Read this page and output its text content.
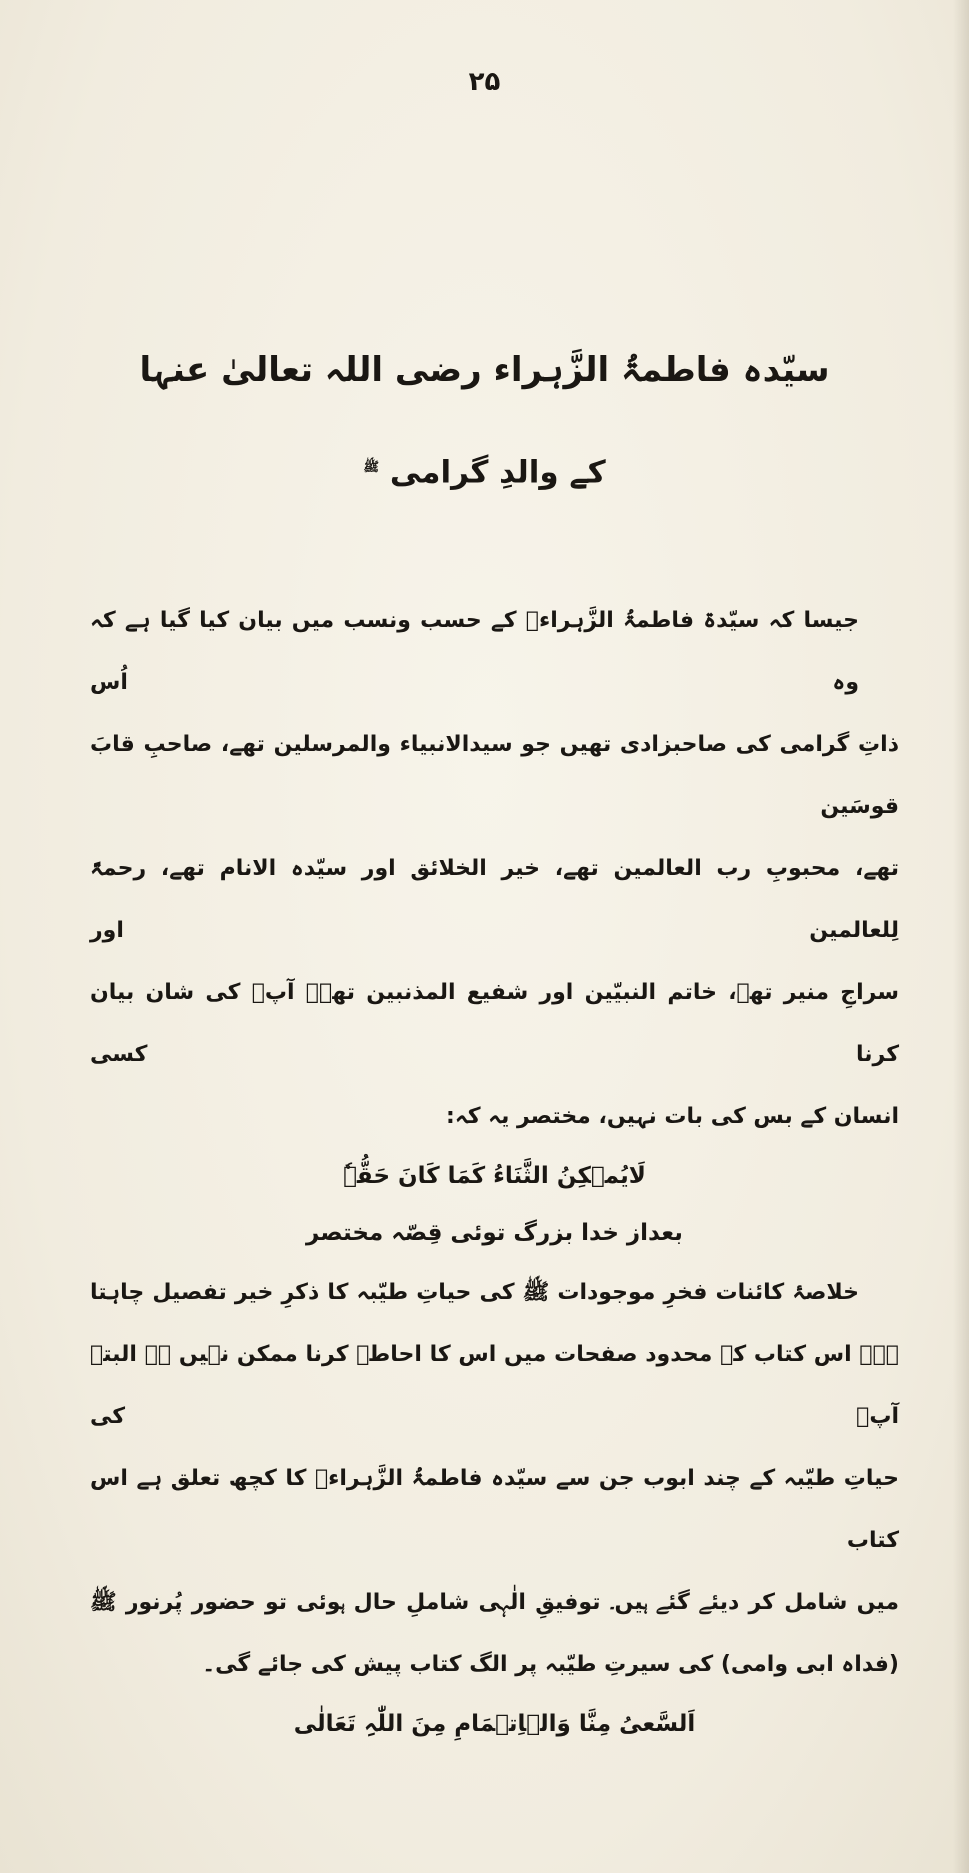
۲۵
سیّدہ فاطمۃُ الزَّہراء رضی اللہ تعالیٰ عنہا
کے والدِ گرامی $^ﷺ$
جیسا کہ سیّدۃ فاطمۃُ الزَّہراءؓ کے حسب ونسب میں بیان کیا گیا ہے کہ وہ اُس
ذاتِ گرامی کی صاحبزادی تھیں جو سیدالانبیاء والمرسلین تھے، صاحبِ قابَ قوسَین
تھے، محبوبِ رب العالمین تھے، خیر الخلائق اور سیّدہ الانام تھے، رحمۃً لِلعالمین اور
سراجِ منیر تھے، خاتم النبیّین اور شفیع المذنبین تھے۔ آپؐ کی شان بیان کرنا کسی
انسان کے بس کی بات نہیں، مختصر یہ کہ:
لَایُمۡکِنُ الثَّنَاءُ کَمَا کَانَ حَقُّہٗ
بعداز خدا بزرگ توئی قِصّہ مختصر
خلاصۂ کائنات فخرِ موجودات ﷺ کی حیاتِ طیّبہ کا ذکرِ خیر تفصیل چاہتا
ہے۔ اس کتاب کے محدود صفحات میں اس کا احاطہ کرنا ممکن نہیں ہے البتہ آپؐ کی
حیاتِ طیّبہ کے چند ابوب جن سے سیّدہ فاطمۃُ الزَّہراءؓ کا کچھ تعلق ہے اس کتاب
میں شامل کر دیئے گئے ہیں۔ توفیقِ الٰہی شاملِ حال ہوئی تو حضور پُرنور ﷺ
(فداہ ابی وامی) کی سیرتِ طیّبہ پر الگ کتاب پیش کی جائے گی۔
اَلسَّعیُ مِنَّا وَالۡاِتۡمَامِ مِنَ اللّٰہِ تَعَالٰی
